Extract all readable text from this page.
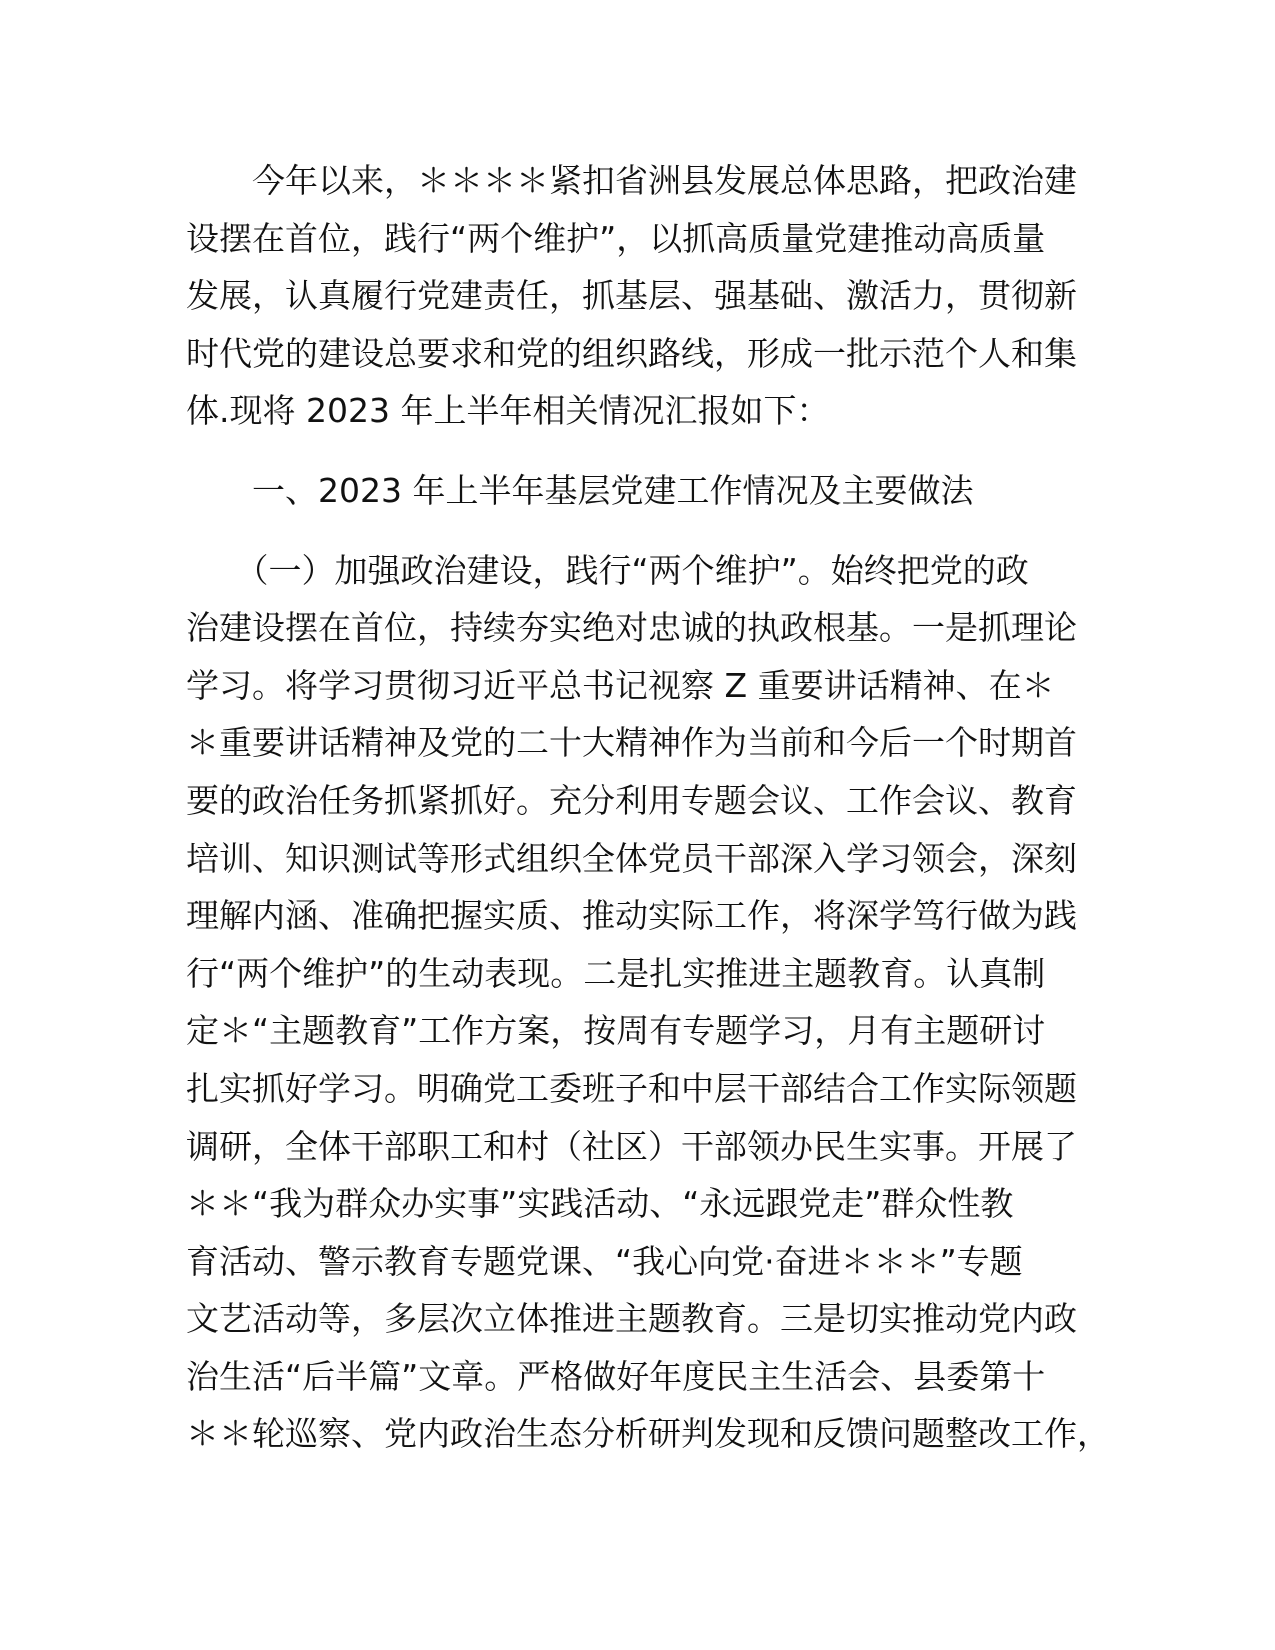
　　今年以来，＊＊＊＊紧扣省洲县发展总体思路，把政治建
设摆在首位，践行“两个维护”，以抓高质量党建推动高质量
发展，认真履行党建责任，抓基层、强基础、激活力，贯彻新
时代党的建设总要求和党的组织路线，形成一批示范个人和集
体.现将 2023 年上半年相关情况汇报如下：
　　一、2023 年上半年基层党建工作情况及主要做法
　　（一）加强政治建设，践行“两个维护”。始终把党的政
治建设摆在首位，持续夯实绝对忠诚的执政根基。一是抓理论
学习。将学习贯彻习近平总书记视察 Z 重要讲话精神、在＊
＊重要讲话精神及党的二十大精神作为当前和今后一个时期首
要的政治任务抓紧抓好。充分利用专题会议、工作会议、教育
培训、知识测试等形式组织全体党员干部深入学习领会，深刻
理解内涵、准确把握实质、推动实际工作，将深学笃行做为践
行“两个维护”的生动表现。二是扎实推进主题教育。认真制
定＊“主题教育”工作方案，按周有专题学习，月有主题研讨
扎实抓好学习。明确党工委班子和中层干部结合工作实际领题
调研，全体干部职工和村（社区）干部领办民生实事。开展了
＊＊“我为群众办实事”实践活动、“永远跟党走”群众性教
育活动、警示教育专题党课、“我心向党·奋进＊＊＊”专题
文艺活动等，多层次立体推进主题教育。三是切实推动党内政
治生活“后半篇”文章。严格做好年度民主生活会、县委第十
＊＊轮巡察、党内政治生态分析研判发现和反馈问题整改工作，
